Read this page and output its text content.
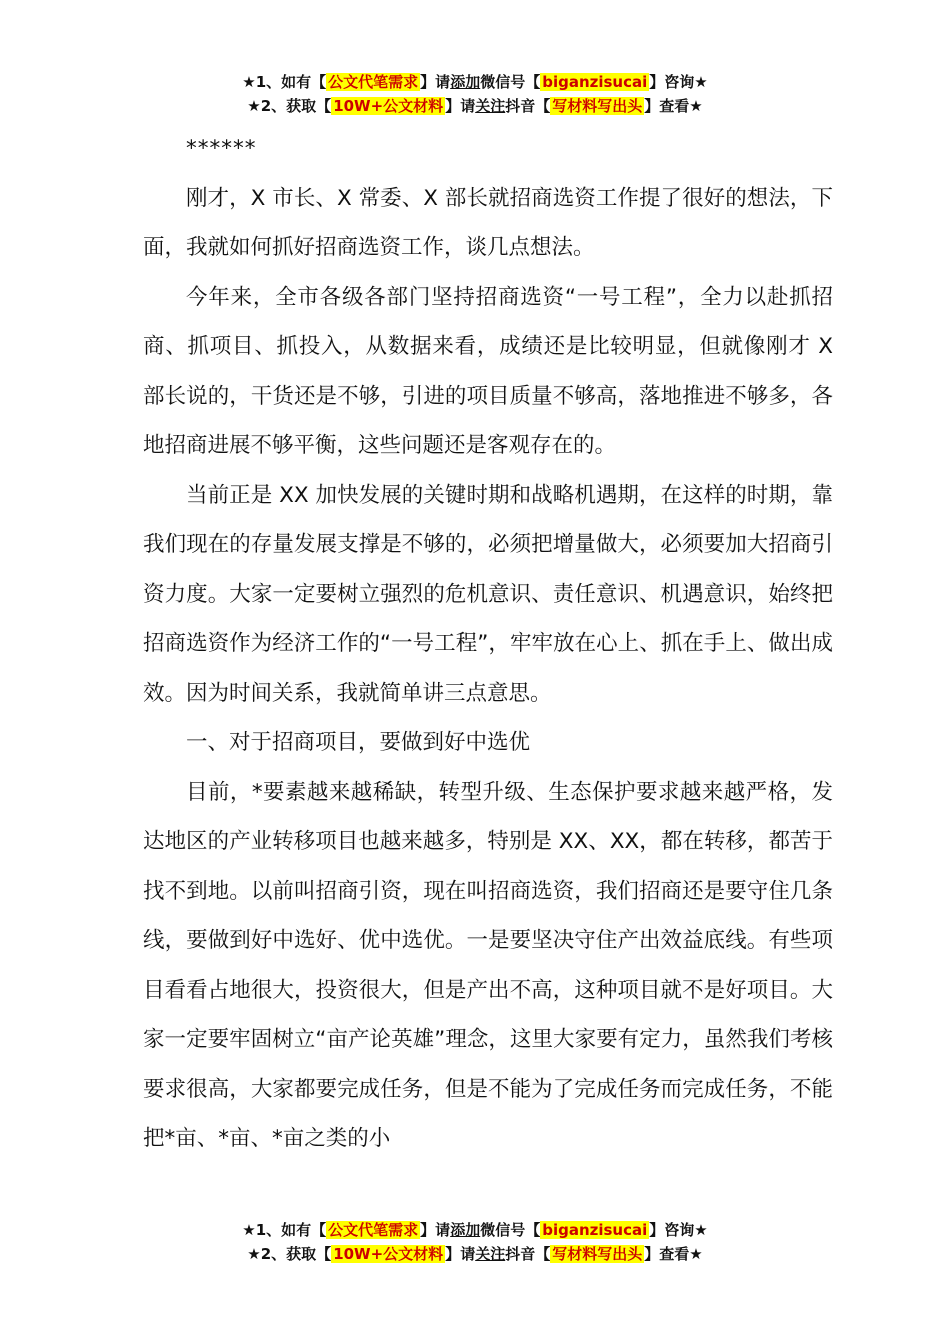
★1、如有【 公文代笔需求 】请添加微信号【 biganzisucai 】咨询★
★2、获取【 10W+公文材料 】请关注抖音【 写材料写出头 】查看★

******

刚才，X 市长、X 常委、X 部长就招商选资工作提了很好的想法，下面，我就如何抓好招商选资工作，谈几点想法。

今年来，全市各级各部门坚持招商选资“一号工程”，全力以赴抓招商、抓项目、抓投入，从数据来看，成绩还是比较明显，但就像刚才 X 部长说的，干货还是不够，引进的项目质量不够高，落地推进不够多，各地招商进展不够平衡，这些问题还是客观存在的。

当前正是 XX 加快发展的关键时期和战略机遇期，在这样的时期，靠我们现在的存量发展支撑是不够的，必须把增量做大，必须要加大招商引资力度。大家一定要树立强烈的危机意识、责任意识、机遇意识，始终把招商选资作为经济工作的“一号工程”，牢牢放在心上、抓在手上、做出成效。因为时间关系，我就简单讲三点意思。

一、对于招商项目，要做到好中选优

目前，*要素越来越稀缺，转型升级、生态保护要求越来越严格，发达地区的产业转移项目也越来越多，特别是 XX、XX，都在转移，都苦于找不到地。以前叫招商引资，现在叫招商选资，我们招商还是要守住几条线，要做到好中选好、优中选优。一是要坚决守住产出效益底线。有些项目看看占地很大，投资很大，但是产出不高，这种项目就不是好项目。大家一定要牢固树立“亩产论英雄”理念，这里大家要有定力，虽然我们考核要求很高，大家都要完成任务，但是不能为了完成任务而完成任务，不能把*亩、*亩、*亩之类的小

★1、如有【 公文代笔需求 】请添加微信号【 biganzisucai 】咨询★
★2、获取【 10W+公文材料 】请关注抖音【 写材料写出头 】查看★
